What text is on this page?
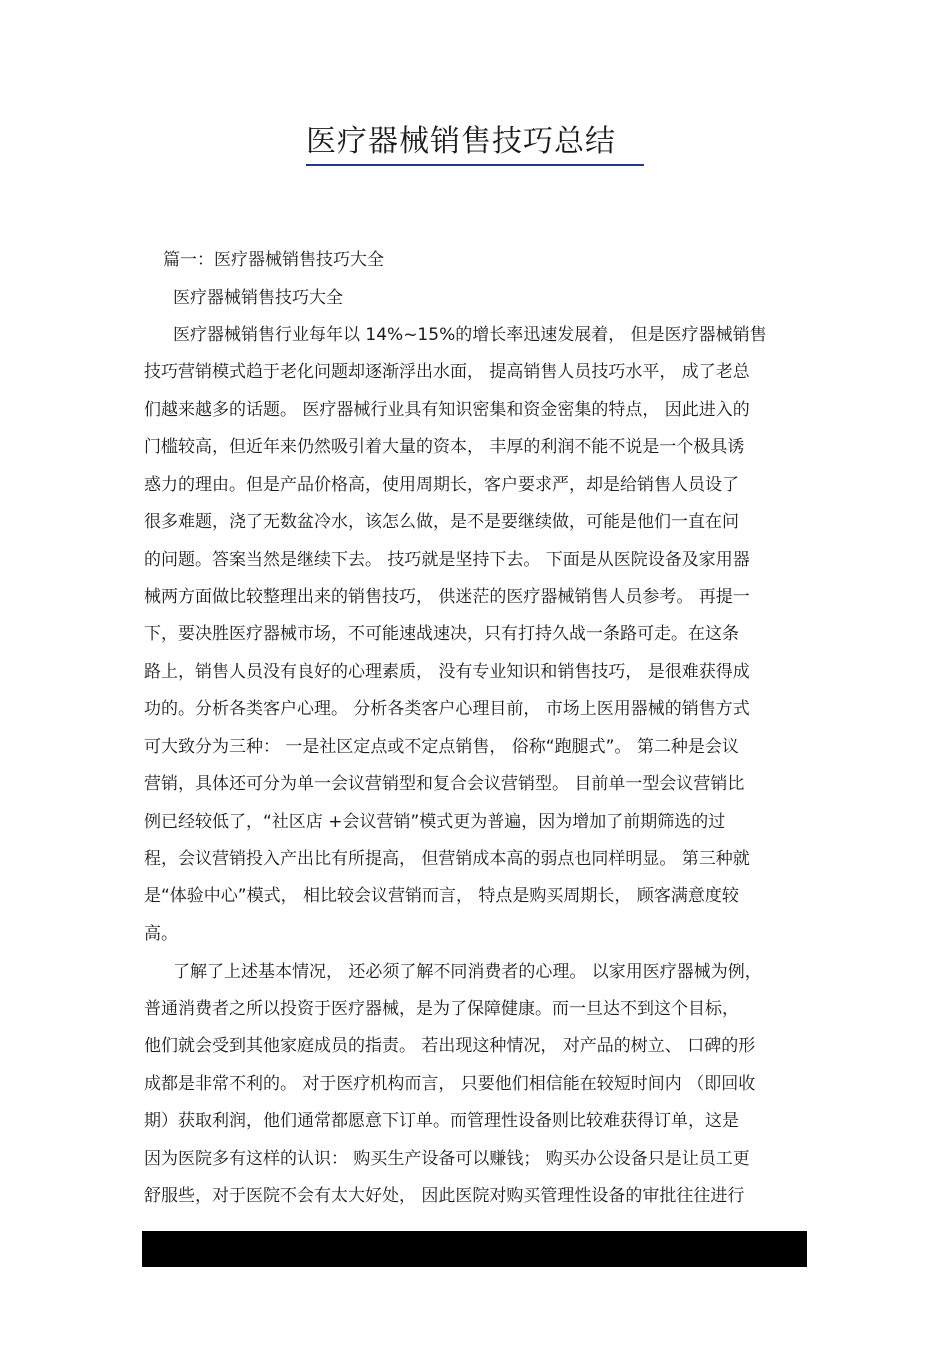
医疗器械销售技巧总结
篇一：医疗器械销售技巧大全
医疗器械销售技巧大全
医疗器械销售行业每年以 14%~15%的增长率迅速发展着， 但是医疗器械销售
技巧营销模式趋于老化问题却逐渐浮出水面， 提高销售人员技巧水平， 成了老总
们越来越多的话题。 医疗器械行业具有知识密集和资金密集的特点， 因此进入的
门槛较高，但近年来仍然吸引着大量的资本， 丰厚的利润不能不说是一个极具诱
惑力的理由。但是产品价格高，使用周期长，客户要求严，却是给销售人员设了
很多难题，浇了无数盆冷水，该怎么做，是不是要继续做，可能是他们一直在问
的问题。答案当然是继续下去。 技巧就是坚持下去。 下面是从医院设备及家用器
械两方面做比较整理出来的销售技巧， 供迷茫的医疗器械销售人员参考。 再提一
下，要决胜医疗器械市场，不可能速战速决，只有打持久战一条路可走。在这条
路上，销售人员没有良好的心理素质， 没有专业知识和销售技巧， 是很难获得成
功的。分析各类客户心理。 分析各类客户心理目前， 市场上医用器械的销售方式
可大致分为三种： 一是社区定点或不定点销售， 俗称“跑腿式”。 第二种是会议
营销，具体还可分为单一会议营销型和复合会议营销型。 目前单一型会议营销比
例已经较低了，“社区店 +会议营销”模式更为普遍，因为增加了前期筛选的过
程，会议营销投入产出比有所提高， 但营销成本高的弱点也同样明显。 第三种就
是“体验中心”模式， 相比较会议营销而言， 特点是购买周期长， 顾客满意度较
高。
了解了上述基本情况， 还必须了解不同消费者的心理。 以家用医疗器械为例，
普通消费者之所以投资于医疗器械，是为了保障健康。而一旦达不到这个目标，
他们就会受到其他家庭成员的指责。 若出现这种情况， 对产品的树立、 口碑的形
成都是非常不利的。 对于医疗机构而言， 只要他们相信能在较短时间内 （即回收
期）获取利润，他们通常都愿意下订单。而管理性设备则比较难获得订单，这是
因为医院多有这样的认识： 购买生产设备可以赚钱； 购买办公设备只是让员工更
舒服些，对于医院不会有太大好处， 因此医院对购买管理性设备的审批往往进行
